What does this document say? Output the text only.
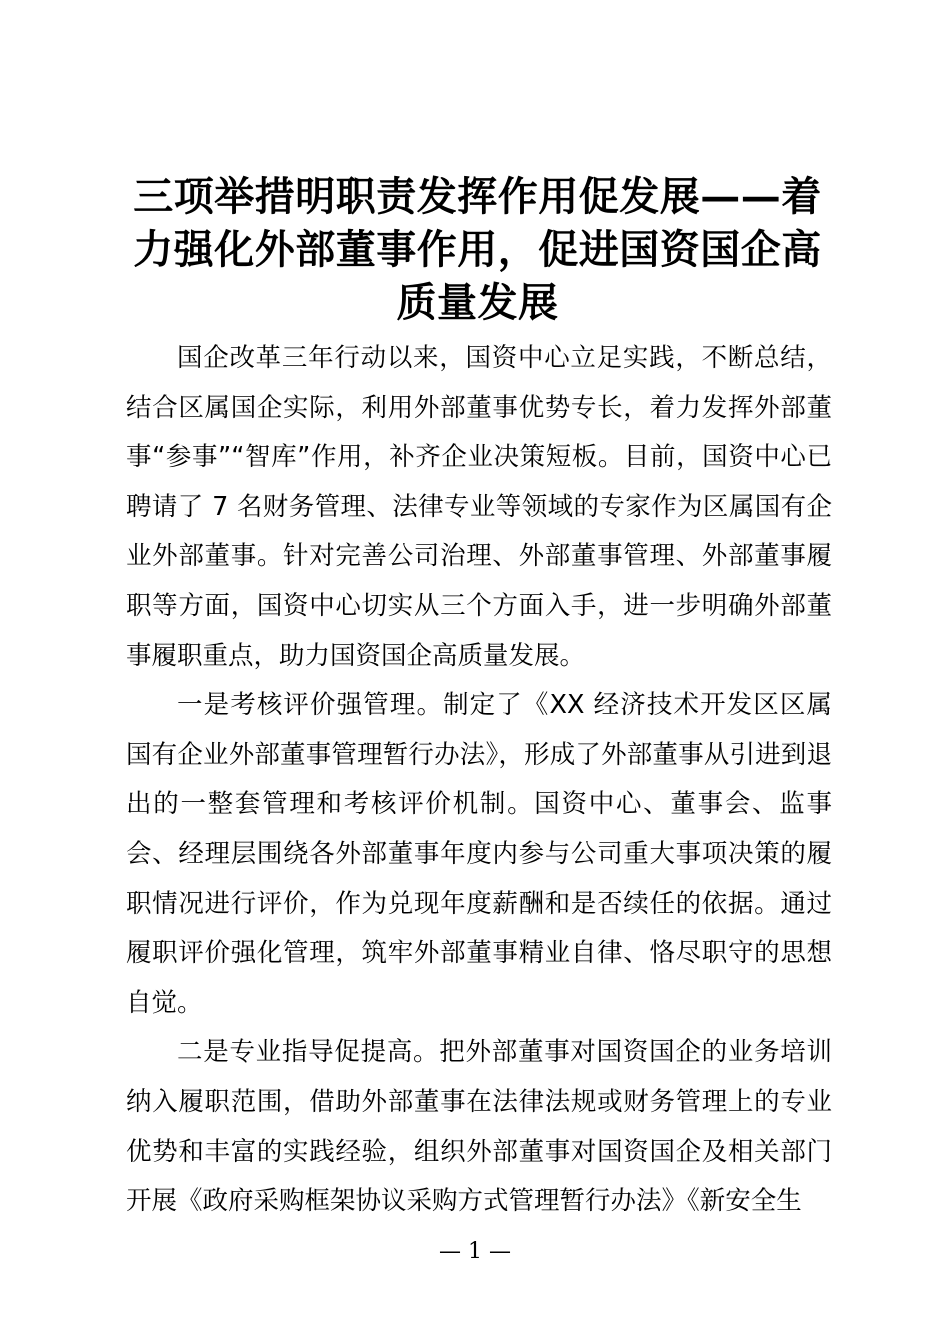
三项举措明职责发挥作用促发展——着力强化外部董事作用，促进国资国企高质量发展

国企改革三年行动以来，国资中心立足实践，不断总结，结合区属国企实际，利用外部董事优势专长，着力发挥外部董事“参事”“智库”作用，补齐企业决策短板。目前，国资中心已聘请了 7 名财务管理、法律专业等领域的专家作为区属国有企业外部董事。针对完善公司治理、外部董事管理、外部董事履职等方面，国资中心切实从三个方面入手，进一步明确外部董事履职重点，助力国资国企高质量发展。

一是考核评价强管理。制定了《XX 经济技术开发区区属国有企业外部董事管理暂行办法》，形成了外部董事从引进到退出的一整套管理和考核评价机制。国资中心、董事会、监事会、经理层围绕各外部董事年度内参与公司重大事项决策的履职情况进行评价，作为兑现年度薪酬和是否续任的依据。通过履职评价强化管理，筑牢外部董事精业自律、恪尽职守的思想自觉。

二是专业指导促提高。把外部董事对国资国企的业务培训纳入履职范围，借助外部董事在法律法规或财务管理上的专业优势和丰富的实践经验，组织外部董事对国资国企及相关部门开展《政府采购框架协议采购方式管理暂行办法》《新安全生

— 1 —
